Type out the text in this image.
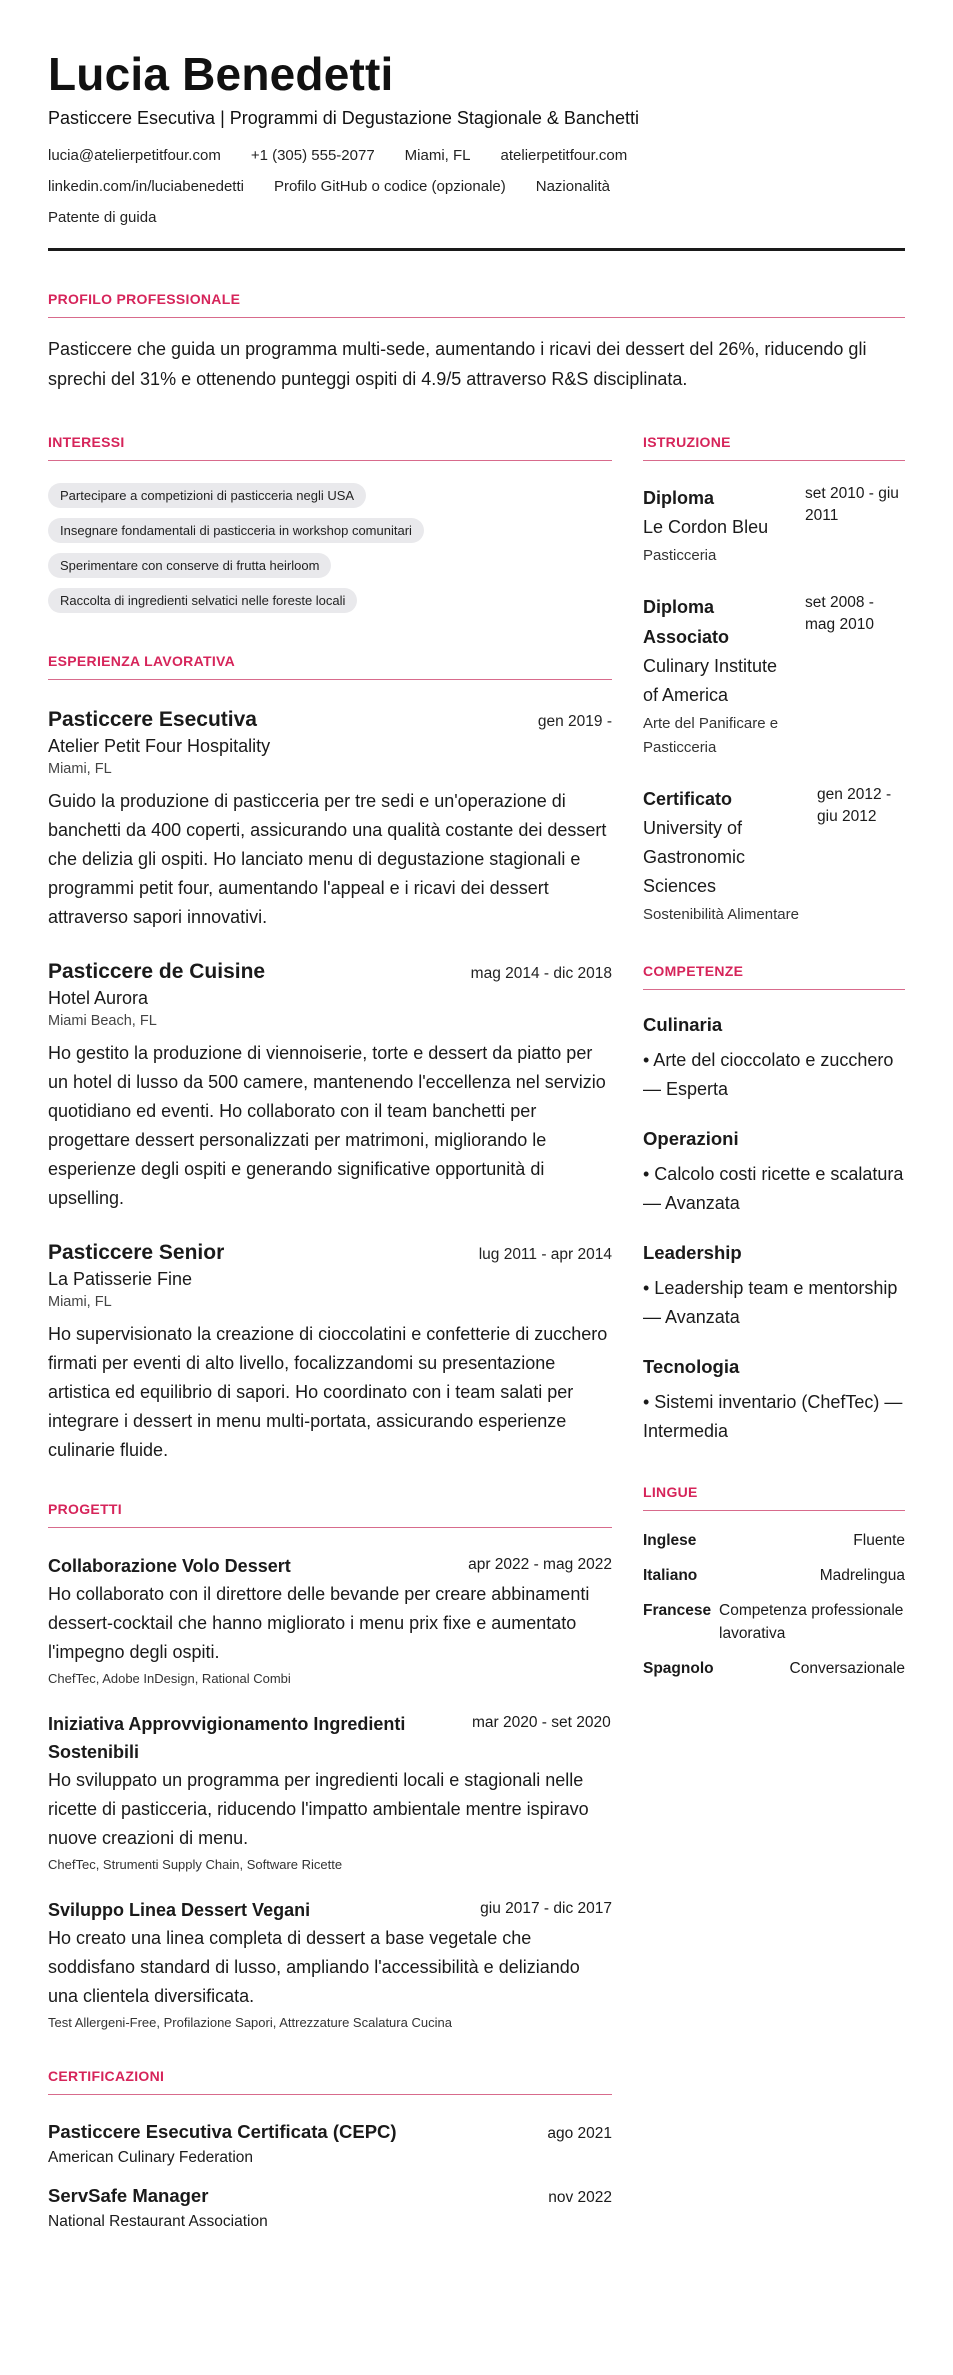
Lucia Benedetti
Pasticcere Esecutiva | Programmi di Degustazione Stagionale & Banchetti
lucia@atelierpetitfour.com +1 (305) 555-2077 Miami, FL atelierpetitfour.com
linkedin.com/in/luciabenedetti Profilo GitHub o codice (opzionale) Nazionalità
Patente di guida
PROFILO PROFESSIONALE

Pasticcere che guida un programma multi-sede, aumentando i ricavi dei dessert del 26%, riducendo gli sprechi del 31% e ottenendo punteggi ospiti di 4.9/5 attraverso R&S disciplinata.

INTERESSI
Partecipare a competizioni di pasticceria negli USA
Insegnare fondamentali di pasticceria in workshop comunitari
Sperimentare con conserve di frutta heirloom
Raccolta di ingredienti selvatici nelle foreste locali
ESPERIENZA LAVORATIVA
Pasticcere Esecutiva	gen 2019 -
Atelier Petit Four Hospitality
Miami, FL

Guido la produzione di pasticceria per tre sedi e un'operazione di banchetti da 400 coperti, assicurando una qualità costante dei dessert che delizia gli ospiti. Ho lanciato menu di degustazione stagionali e programmi petit four, aumentando l'appeal e i ricavi dei dessert attraverso sapori innovativi.

Pasticcere de Cuisine	mag 2014 - dic 2018
Hotel Aurora
Miami Beach, FL

Ho gestito la produzione di viennoiserie, torte e dessert da piatto per un hotel di lusso da 500 camere, mantenendo l'eccellenza nel servizio quotidiano ed eventi. Ho collaborato con il team banchetti per progettare dessert personalizzati per matrimoni, migliorando le esperienze degli ospiti e generando significative opportunità di upselling.

Pasticcere Senior	lug 2011 - apr 2014
La Patisserie Fine
Miami, FL

Ho supervisionato la creazione di cioccolatini e confetterie di zucchero firmati per eventi di alto livello, focalizzandomi su presentazione artistica ed equilibrio di sapori. Ho coordinato con i team salati per integrare i dessert in menu multi-portata, assicurando esperienze culinarie fluide.

PROGETTI
Collaborazione Volo Dessert	apr 2022 - mag 2022

Ho collaborato con il direttore delle bevande per creare abbinamenti dessert-cocktail che hanno migliorato i menu prix fixe e aumentato l'impegno degli ospiti.

ChefTec, Adobe InDesign, Rational Combi
Iniziativa Approvvigionamento Ingredienti Sostenibili
mar 2020 - set 2020

Ho sviluppato un programma per ingredienti locali e stagionali nelle ricette di pasticceria, riducendo l'impatto ambientale mentre ispiravo nuove creazioni di menu.

ChefTec, Strumenti Supply Chain, Software Ricette
Sviluppo Linea Dessert Vegani	giu 2017 - dic 2017

Ho creato una linea completa di dessert a base vegetale che soddisfano standard di lusso, ampliando l'accessibilità e deliziando una clientela diversificata.

Test Allergeni-Free, Profilazione Sapori, Attrezzature Scalatura Cucina
CERTIFICAZIONI
Pasticcere Esecutiva Certificata (CEPC)	ago 2021
American Culinary Federation
ServSafe Manager	nov 2022
National Restaurant Association
ISTRUZIONE
Diploma
Le Cordon Bleu
Pasticceria
set 2010 - giu 2011
Diploma Associato
Culinary Institute of America
Arte del Panificare e Pasticceria
set 2008 - mag 2010
Certificato
University of Gastronomic Sciences
Sostenibilità Alimentare
gen 2012 - giu 2012
COMPETENZE
Culinaria
• Arte del cioccolato e zucchero — Esperta
Operazioni
• Calcolo costi ricette e scalatura — Avanzata
Leadership
• Leadership team e mentorship — Avanzata
Tecnologia
• Sistemi inventario (ChefTec) — Intermedia
LINGUE
Inglese	Fluente
Italiano	Madrelingua
Francese Competenza professionale lavorativa
Spagnolo	Conversazionale
